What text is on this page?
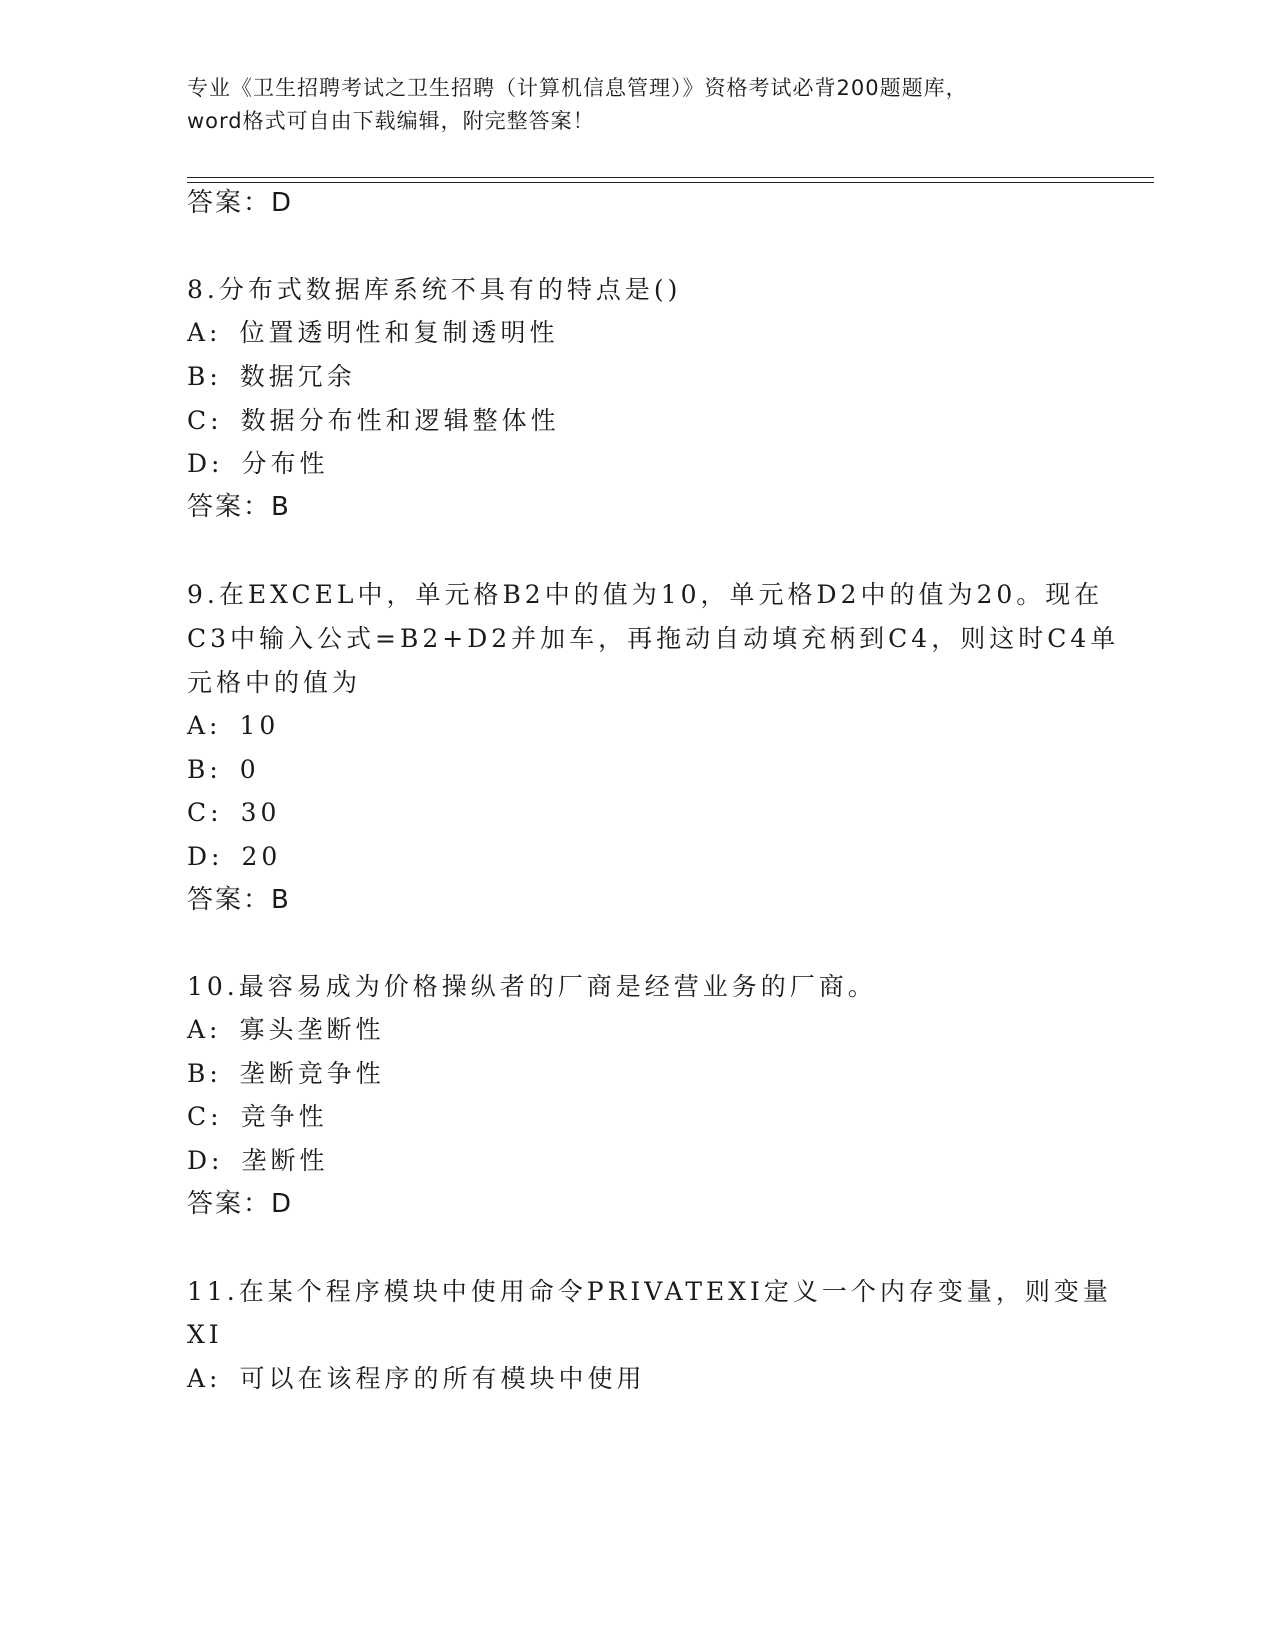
专业《卫生招聘考试之卫生招聘（计算机信息管理）》资格考试必背200题题库，
word格式可自由下载编辑，附完整答案！
答案：D
8.分布式数据库系统不具有的特点是()
A: 位置透明性和复制透明性
B: 数据冗余
C: 数据分布性和逻辑整体性
D: 分布性
答案：B
9.在EXCEL中，单元格B2中的值为10，单元格D2中的值为20。现在
C3中输入公式=B2+D2并加车，再拖动自动填充柄到C4，则这时C4单
元格中的值为
A: 10
B: 0
C: 30
D: 20
答案：B
10.最容易成为价格操纵者的厂商是经营业务的厂商。
A: 寡头垄断性
B: 垄断竞争性
C: 竞争性
D: 垄断性
答案：D
11.在某个程序模块中使用命令PRIVATEXI定义一个内存变量，则变量
XI
A: 可以在该程序的所有模块中使用
